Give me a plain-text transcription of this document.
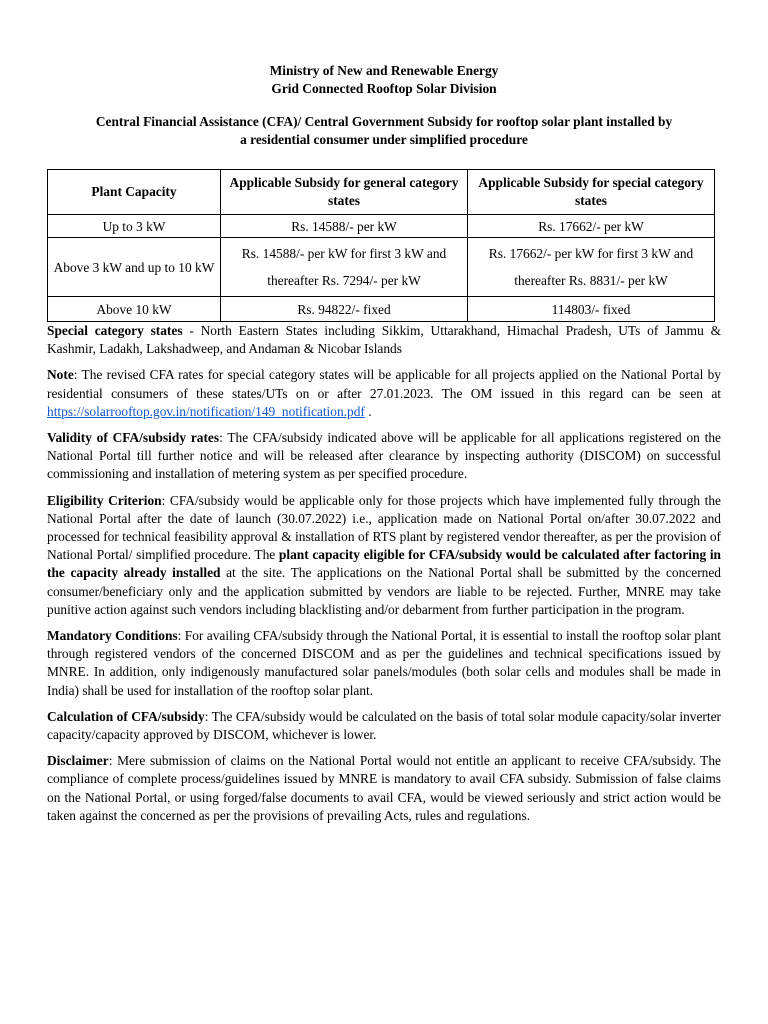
Ministry of New and Renewable Energy
Grid Connected Rooftop Solar Division
Central Financial Assistance (CFA)/ Central Government Subsidy for rooftop solar plant installed by
a residential consumer under simplified procedure
Plant Capacity	Applicable Subsidy for general category states	Applicable Subsidy for special category states
Up to 3 kW	Rs. 14588/- per kW	Rs. 17662/- per kW
Above 3 kW and up to 10 kW	Rs. 14588/- per kW for first 3 kW and thereafter Rs. 7294/- per kW	Rs. 17662/- per kW for first 3 kW and thereafter Rs. 8831/- per kW
Above 10 kW	Rs. 94822/- fixed	114803/- fixed

Special category states - North Eastern States including Sikkim, Uttarakhand, Himachal Pradesh, UTs of Jammu & Kashmir, Ladakh, Lakshadweep, and Andaman & Nicobar Islands

Note: The revised CFA rates for special category states will be applicable for all projects applied on the National Portal by residential consumers of these states/UTs on or after 27.01.2023. The OM issued in this regard can be seen at https://solarrooftop.gov.in/notification/149_notification.pdf .

Validity of CFA/subsidy rates: The CFA/subsidy indicated above will be applicable for all applications registered on the National Portal till further notice and will be released after clearance by inspecting authority (DISCOM) on successful commissioning and installation of metering system as per specified procedure.

Eligibility Criterion: CFA/subsidy would be applicable only for those projects which have implemented fully through the National Portal after the date of launch (30.07.2022) i.e., application made on National Portal on/after 30.07.2022 and processed for technical feasibility approval & installation of RTS plant by registered vendor thereafter, as per the provision of National Portal/ simplified procedure. The plant capacity eligible for CFA/subsidy would be calculated after factoring in the capacity already installed at the site. The applications on the National Portal shall be submitted by the concerned consumer/beneficiary only and the application submitted by vendors are liable to be rejected. Further, MNRE may take punitive action against such vendors including blacklisting and/or debarment from further participation in the program.

Mandatory Conditions: For availing CFA/subsidy through the National Portal, it is essential to install the rooftop solar plant through registered vendors of the concerned DISCOM and as per the guidelines and technical specifications issued by MNRE. In addition, only indigenously manufactured solar panels/modules (both solar cells and modules shall be made in India) shall be used for installation of the rooftop solar plant.

Calculation of CFA/subsidy: The CFA/subsidy would be calculated on the basis of total solar module capacity/solar inverter capacity/capacity approved by DISCOM, whichever is lower.

Disclaimer: Mere submission of claims on the National Portal would not entitle an applicant to receive CFA/subsidy. The compliance of complete process/guidelines issued by MNRE is mandatory to avail CFA subsidy. Submission of false claims on the National Portal, or using forged/false documents to avail CFA, would be viewed seriously and strict action would be taken against the concerned as per the provisions of prevailing Acts, rules and regulations.
